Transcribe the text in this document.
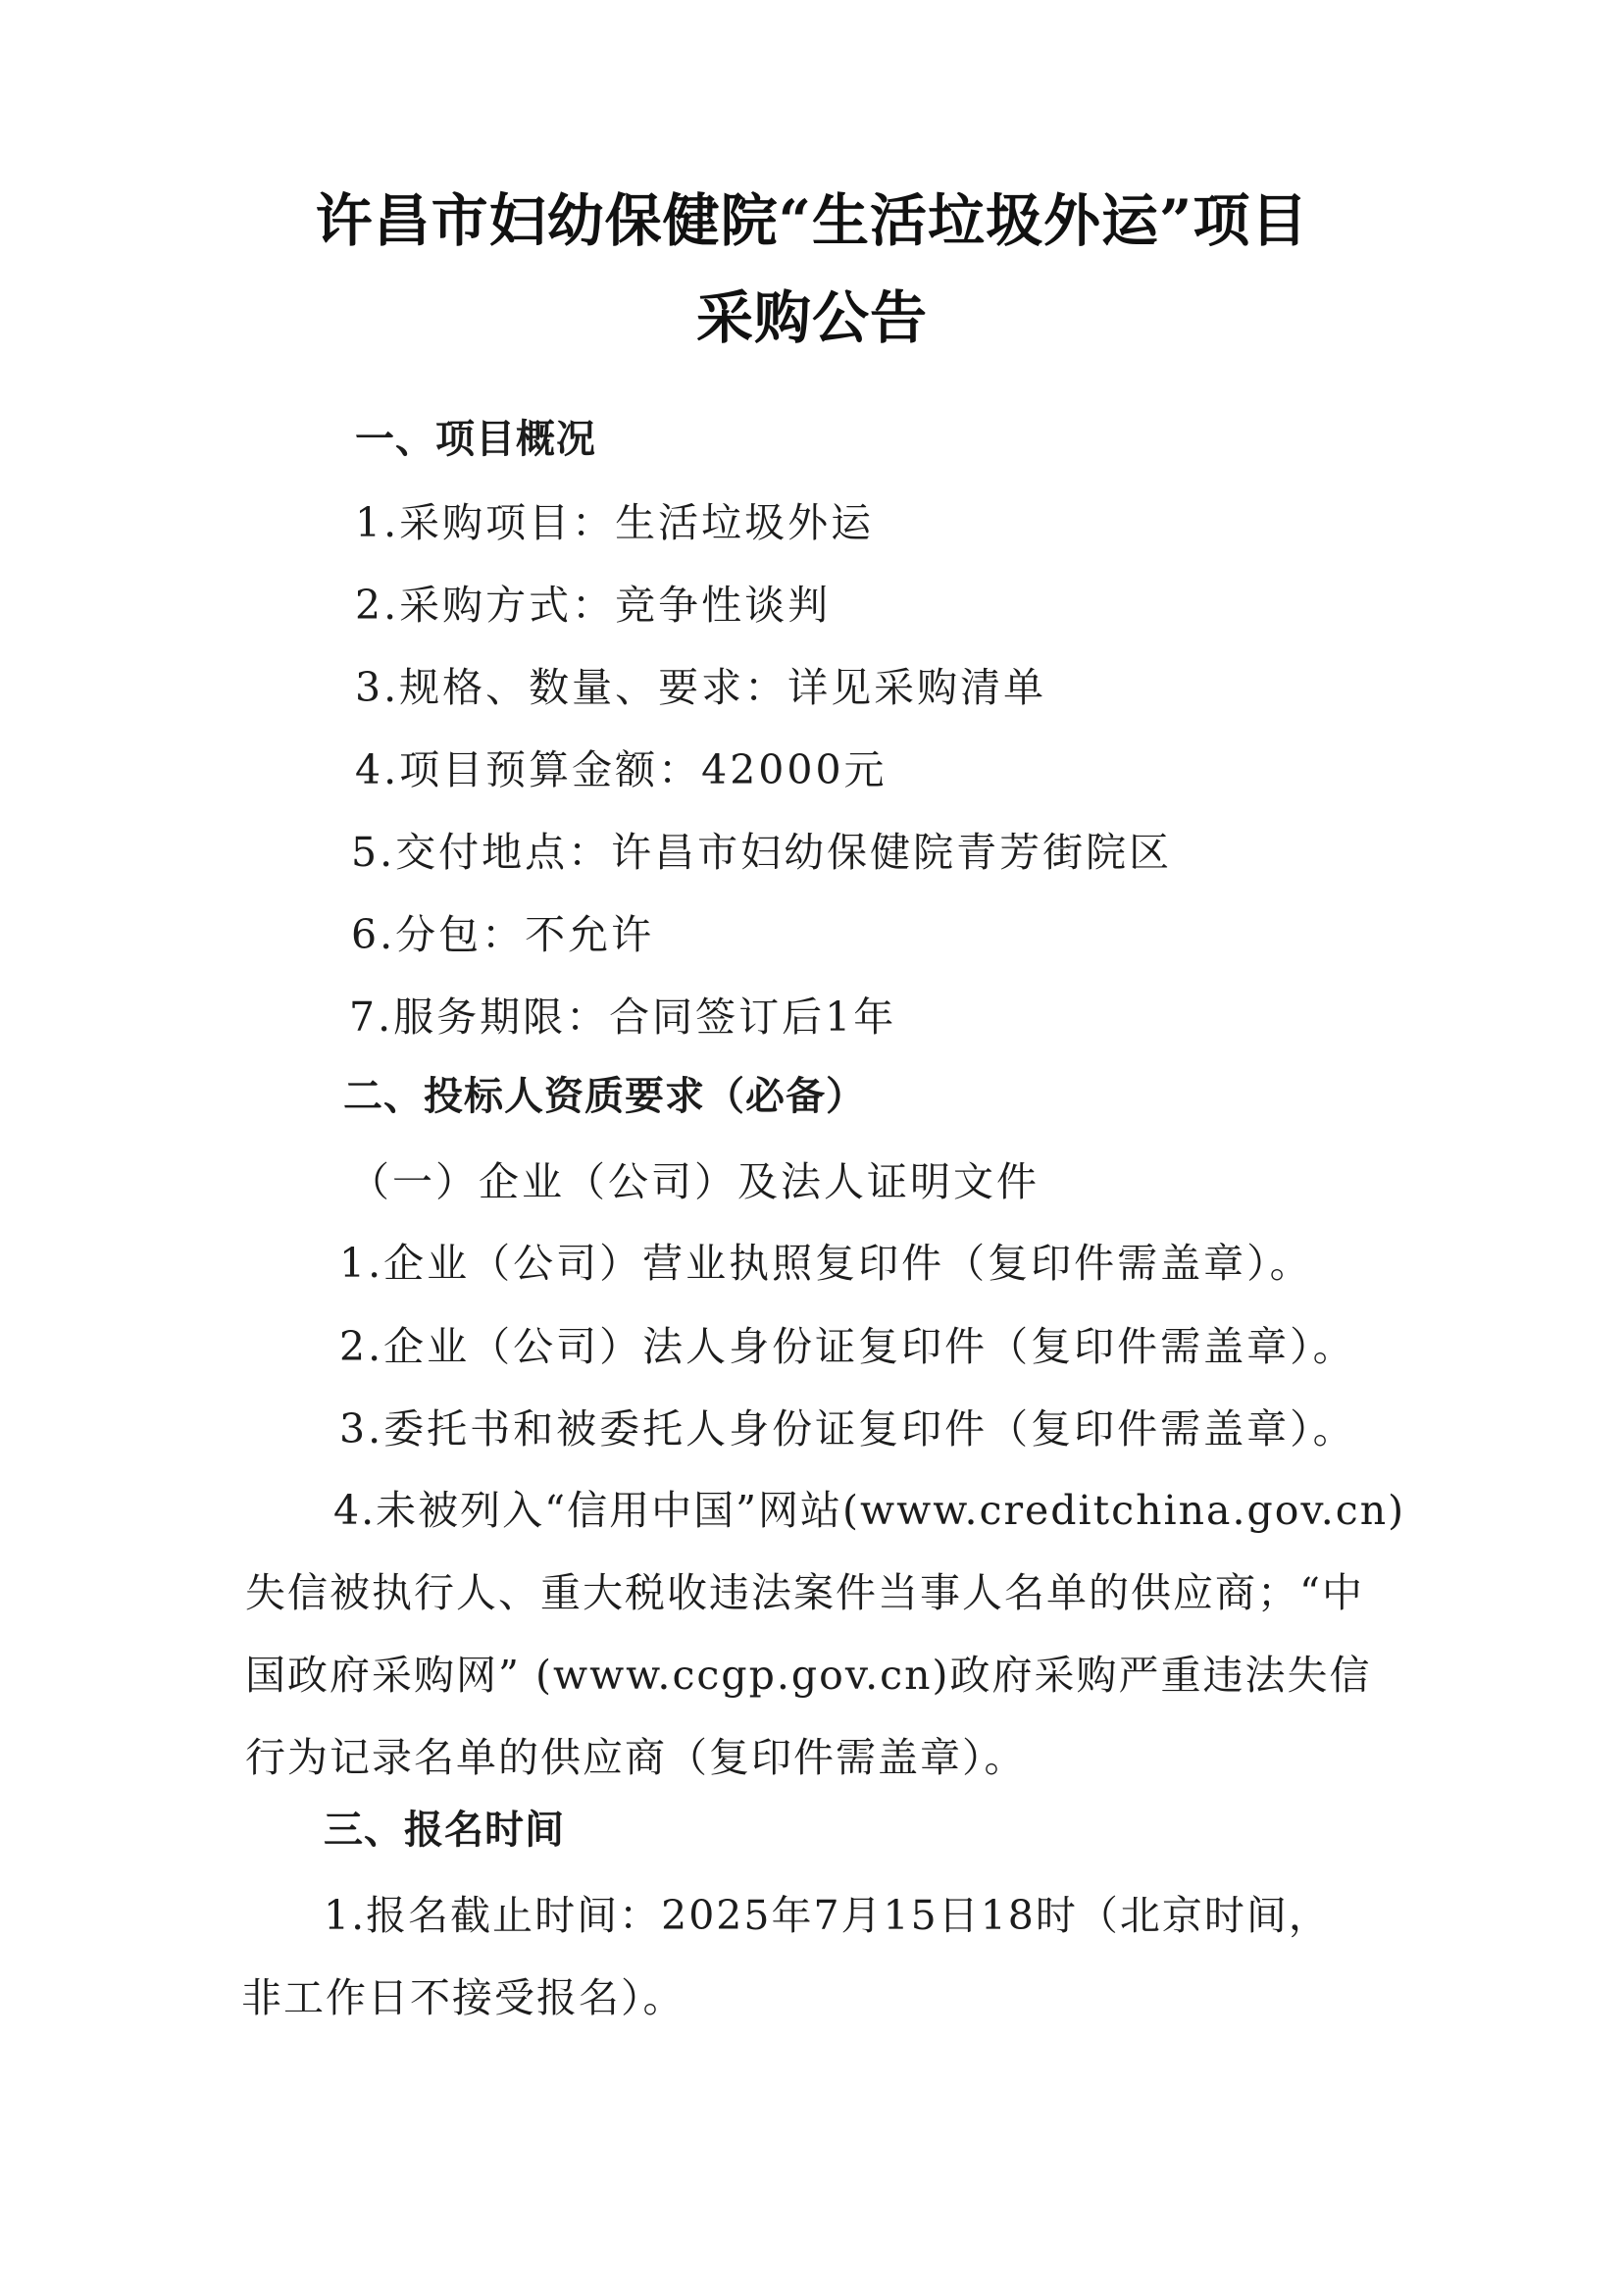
许昌市妇幼保健院“生活垃圾外运”项目
采购公告
一、项目概况
1.采购项目：生活垃圾外运
2.采购方式：竞争性谈判
3.规格、数量、要求：详见采购清单
4.项目预算金额：42000元
5.交付地点：许昌市妇幼保健院青芳街院区
6.分包：不允许
7.服务期限：合同签订后1年
二、投标人资质要求（必备）
（一）企业（公司）及法人证明文件
1.企业（公司）营业执照复印件（复印件需盖章）。
2.企业（公司）法人身份证复印件（复印件需盖章）。
3.委托书和被委托人身份证复印件（复印件需盖章）。
4.未被列入“信用中国”网站(www.creditchina.gov.cn)
失信被执行人、重大税收违法案件当事人名单的供应商；“中
国政府采购网” (www.ccgp.gov.cn)政府采购严重违法失信
行为记录名单的供应商（复印件需盖章）。
三、报名时间
1.报名截止时间：2025年7月15日18时（北京时间，
非工作日不接受报名）。
